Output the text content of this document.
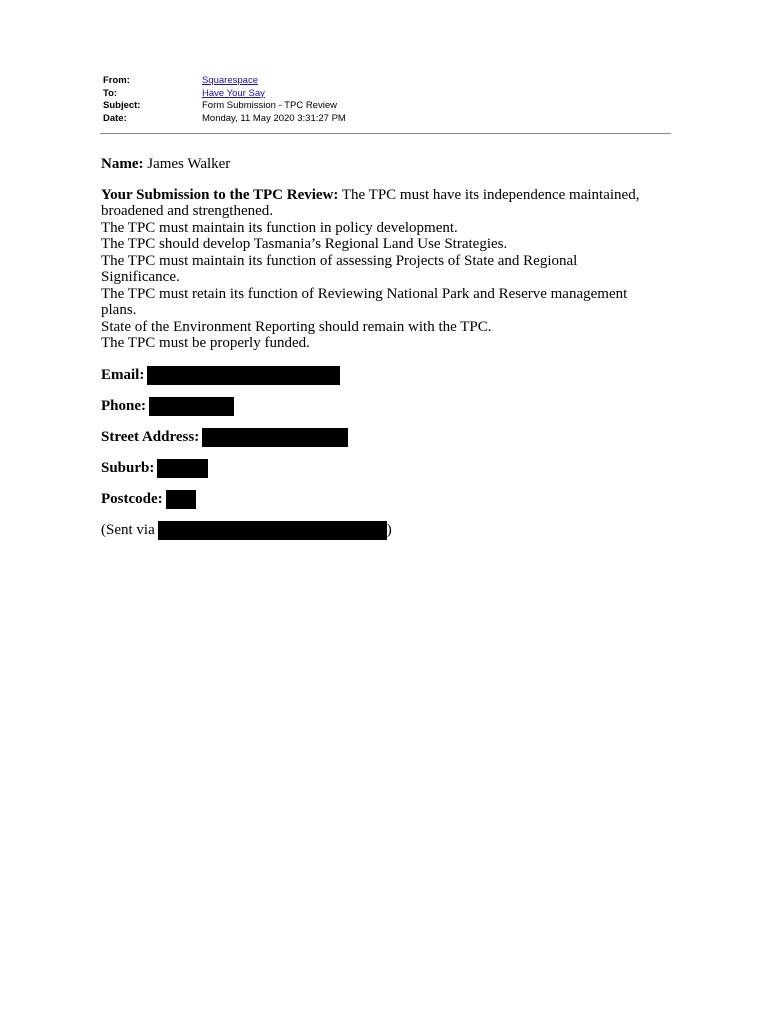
From:	Squarespace
To:	Have Your Say
Subject:	Form Submission - TPC Review
Date:	Monday, 11 May 2020 3:31:27 PM
Name: James Walker
Your Submission to the TPC Review: The TPC must have its independence maintained,
broadened and strengthened.
The TPC must maintain its function in policy development.
The TPC should develop Tasmania’s Regional Land Use Strategies.
The TPC must maintain its function of assessing Projects of State and Regional
Significance.
The TPC must retain its function of Reviewing National Park and Reserve management
plans.
State of the Environment Reporting should remain with the TPC.
The TPC must be properly funded.
Email:
Phone:
Street Address:
Suburb:
Postcode:
(Sent via	)
